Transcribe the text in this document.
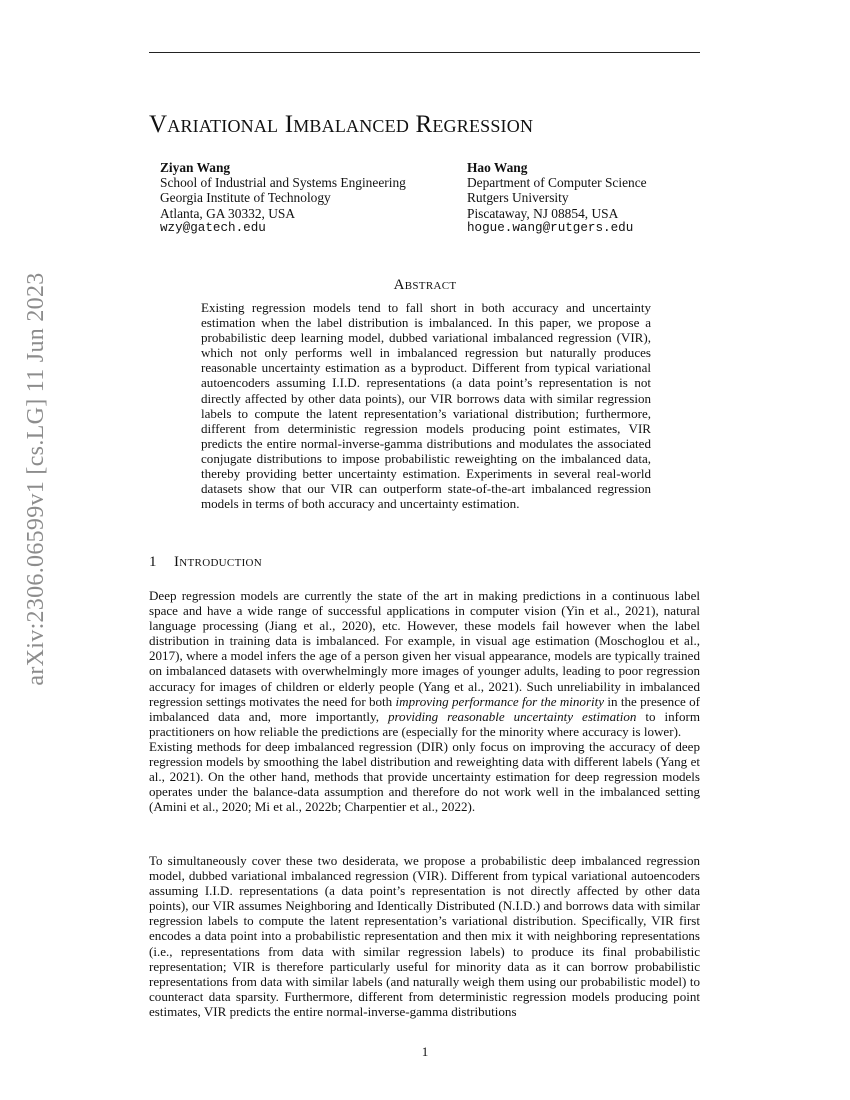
arXiv:2306.06599v1 [cs.LG] 11 Jun 2023
Variational Imbalanced Regression
Ziyan Wang
School of Industrial and Systems Engineering
Georgia Institute of Technology
Atlanta, GA 30332, USA
wzy@gatech.edu
Hao Wang
Department of Computer Science
Rutgers University
Piscataway, NJ 08854, USA
hogue.wang@rutgers.edu
Abstract

Existing regression models tend to fall short in both accuracy and uncertainty estimation when the label distribution is imbalanced. In this paper, we propose a probabilistic deep learning model, dubbed variational imbalanced regression (VIR), which not only performs well in imbalanced regression but naturally produces reasonable uncertainty estimation as a byproduct. Different from typical variational autoencoders assuming I.I.D. representations (a data point’s representation is not directly affected by other data points), our VIR borrows data with similar regression labels to compute the latent representation’s variational distribution; furthermore, different from deterministic regression models producing point estimates, VIR predicts the entire normal-inverse-gamma distributions and modulates the associated conjugate distributions to impose probabilistic reweighting on the imbalanced data, thereby providing better uncertainty estimation. Experiments in several real-world datasets show that our VIR can outperform state-of-the-art imbalanced regression models in terms of both accuracy and uncertainty estimation.

1 Introduction

Deep regression models are currently the state of the art in making predictions in a continuous label space and have a wide range of successful applications in computer vision (Yin et al., 2021), natural language processing (Jiang et al., 2020), etc. However, these models fail however when the label distribution in training data is imbalanced. For example, in visual age estimation (Moschoglou et al., 2017), where a model infers the age of a person given her visual appearance, models are typically trained on imbalanced datasets with overwhelmingly more images of younger adults, leading to poor regression accuracy for images of children or elderly people (Yang et al., 2021). Such unreliability in imbalanced regression settings motivates the need for both improving performance for the minority in the presence of imbalanced data and, more importantly, providing reasonable uncertainty estimation to inform practitioners on how reliable the predictions are (especially for the minority where accuracy is lower).

Existing methods for deep imbalanced regression (DIR) only focus on improving the accuracy of deep regression models by smoothing the label distribution and reweighting data with different labels (Yang et al., 2021). On the other hand, methods that provide uncertainty estimation for deep regression models operates under the balance-data assumption and therefore do not work well in the imbalanced setting (Amini et al., 2020; Mi et al., 2022b; Charpentier et al., 2022).

To simultaneously cover these two desiderata, we propose a probabilistic deep imbalanced regression model, dubbed variational imbalanced regression (VIR). Different from typical variational autoencoders assuming I.I.D. representations (a data point’s representation is not directly affected by other data points), our VIR assumes Neighboring and Identically Distributed (N.I.D.) and borrows data with similar regression labels to compute the latent representation’s variational distribution. Specifically, VIR first encodes a data point into a probabilistic representation and then mix it with neighboring representations (i.e., representations from data with similar regression labels) to produce its final probabilistic representation; VIR is therefore particularly useful for minority data as it can borrow probabilistic representations from data with similar labels (and naturally weigh them using our probabilistic model) to counteract data sparsity. Furthermore, different from deterministic regression models producing point estimates, VIR predicts the entire normal-inverse-gamma distributions

1
